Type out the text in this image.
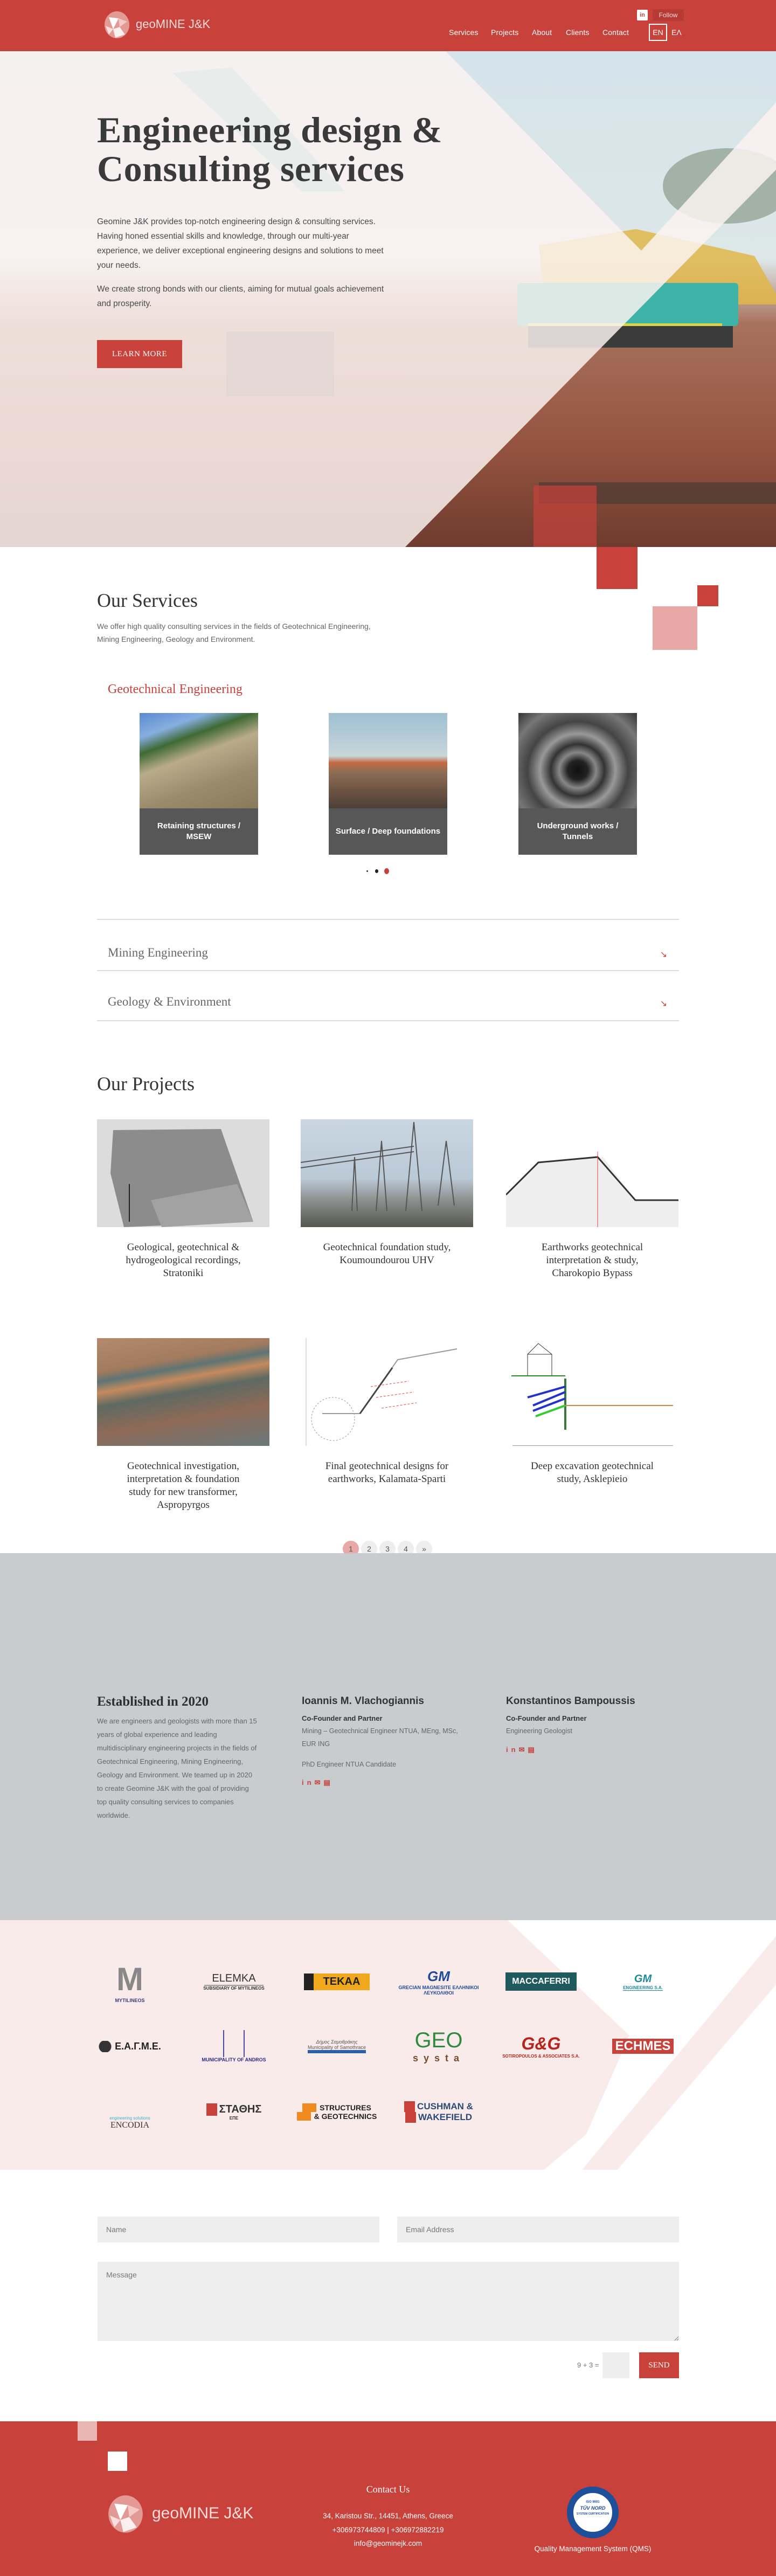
geoMINE J&K
in	Follow
Services Projects About Clients Contact	EN	EΛ
Engineering design &
Consulting services

Geomine J&K provides top-notch engineering design & consulting services. Having honed essential skills and knowledge, through our multi-year experience, we deliver exceptional engineering designs and solutions to meet your needs.

We create strong bonds with our clients, aiming for mutual goals achievement and prosperity.

LEARN MORE
Our Services

We offer high quality consulting services in the fields of Geotechnical Engineering, Mining Engineering, Geology and Environment.

Geotechnical Engineering
Retaining structures / MSEW
Surface / Deep foundations
Underground works / Tunnels
Mining Engineering	↘
Geology & Environment	↘
Our Projects
Geological, geotechnical & hydrogeological recordings, Stratoniki
Geotechnical foundation study, Koumoundourou UHV
Earthworks geotechnical interpretation & study, Charokopio Bypass
Geotechnical investigation, interpretation & foundation study for new transformer, Aspropyrgos
Final geotechnical designs for earthworks, Kalamata-Sparti
Deep excavation geotechnical study, Asklepieio
1	2	3	4	»
Established in 2020

We are engineers and geologists with more than 15 years of global experience and leading multidisciplinary engineering projects in the fields of Geotechnical Engineering, Mining Engineering, Geology and Environment. We teamed up in 2020 to create Geomine J&K with the goal of providing top quality consulting services to companies worldwide.

Ioannis M. Vlachogiannis
Co-Founder and Partner
Mining – Geotechnical Engineer NTUA, MEng, MSc, EUR ING
PhD Engineer NTUA Candidate
in✉▤
Konstantinos Bampoussis
Co-Founder and Partner
Engineering Geologist
in✉▤
M
MYTILINEOS
ELEMKA
SUBSIDIARY OF MYTILINEOS
TEKAA	GM
GRECIAN MAGNESITE ΕΛΛΗΝΙΚΟΙ ΛΕΥΚΟΛΙΘΟΙ
MACCAFERRI	GM
ENGINEERING S.A.
Ε.Α.Γ.Μ.Ε.
MUNICIPALITY OF ANDROS
Δήμος Σαμοθράκης
Municipality of Samothrace GEO
systa
G&G
SOTIROPOULOS & ASSOCIATES S.A.
ECHMES
ENCODIA
engineering solutions
ΣΤΑΘΗΣ
ΕΠΕ
STRUCTURES
& GEOTECHNICS
CUSHMAN &
WAKEFIELD
Name
Email Address
Message
9 + 3 =	SEND
geoMINE J&K
Contact Us
34, Karistou Str., 14451, Athens, Greece
+306973744809 | +306972882219
info@geominejk.com
ISO 9001
TÜV NORD
SYSTEM CERTIFICATION
Quality Management System (QMS)
